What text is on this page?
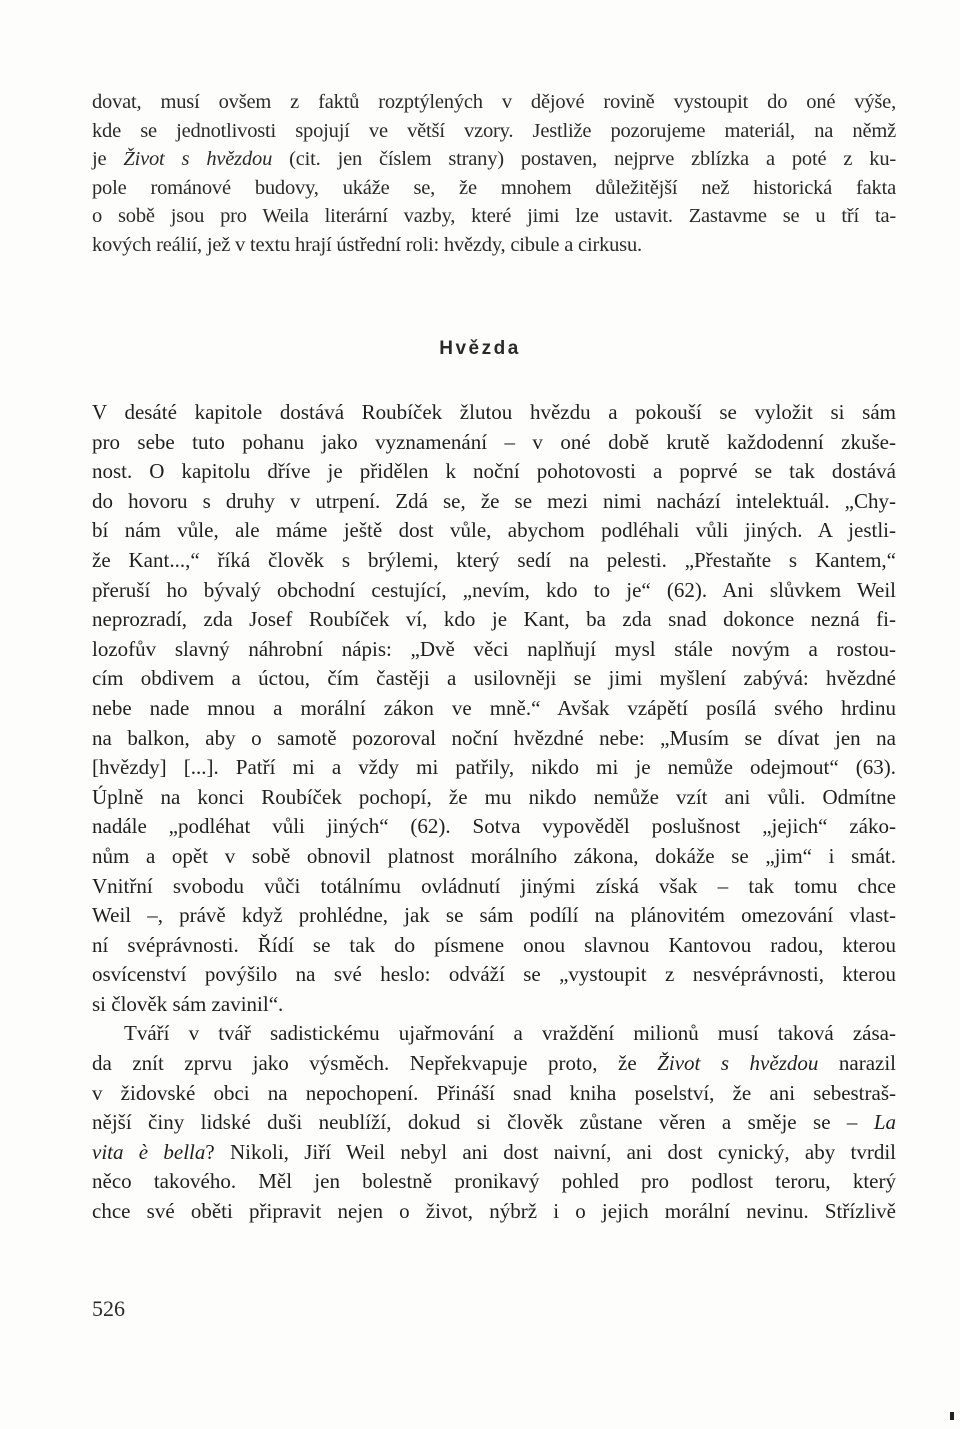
dovat, musí ovšem z faktů rozptýlených v dějové rovině vystoupit do oné výše,
kde se jednotlivosti spojují ve větší vzory. Jestliže pozorujeme materiál, na němž
je Život s hvězdou (cit. jen číslem strany) postaven, nejprve zblízka a poté z ku-
pole románové budovy, ukáže se, že mnohem důležitější než historická fakta
o sobě jsou pro Weila literární vazby, které jimi lze ustavit. Zastavme se u tří ta-
kových reálií, jež v textu hrají ústřední roli: hvězdy, cibule a cirkusu.
Hvězda
V desáté kapitole dostává Roubíček žlutou hvězdu a pokouší se vyložit si sám
pro sebe tuto pohanu jako vyznamenání – v oné době krutě každodenní zkuše-
nost. O kapitolu dříve je přidělen k noční pohotovosti a poprvé se tak dostává
do hovoru s druhy v utrpení. Zdá se, že se mezi nimi nachází intelektuál. „Chy-
bí nám vůle, ale máme ještě dost vůle, abychom podléhali vůli jiných. A jestli-
že Kant...,“ říká člověk s brýlemi, který sedí na pelesti. „Přestaňte s Kantem,“
přeruší ho bývalý obchodní cestující, „nevím, kdo to je“ (62). Ani slůvkem Weil
neprozradí, zda Josef Roubíček ví, kdo je Kant, ba zda snad dokonce nezná fi-
lozofův slavný náhrobní nápis: „Dvě věci naplňují mysl stále novým a rostou-
cím obdivem a úctou, čím častěji a usilovněji se jimi myšlení zabývá: hvězdné
nebe nade mnou a morální zákon ve mně.“ Avšak vzápětí posílá svého hrdinu
na balkon, aby o samotě pozoroval noční hvězdné nebe: „Musím se dívat jen na
[hvězdy] [...]. Patří mi a vždy mi patřily, nikdo mi je nemůže odejmout“ (63).
Úplně na konci Roubíček pochopí, že mu nikdo nemůže vzít ani vůli. Odmítne
nadále „podléhat vůli jiných“ (62). Sotva vypověděl poslušnost „jejich“ záko-
nům a opět v sobě obnovil platnost morálního zákona, dokáže se „jim“ i smát.
Vnitřní svobodu vůči totálnímu ovládnutí jinými získá však – tak tomu chce
Weil –, právě když prohlédne, jak se sám podílí na plánovitém omezování vlast-
ní svéprávnosti. Řídí se tak do písmene onou slavnou Kantovou radou, kterou
osvícenství povýšilo na své heslo: odváží se „vystoupit z nesvéprávnosti, kterou
si člověk sám zavinil“.
Tváří v tvář sadistickému ujařmování a vraždění milionů musí taková zása-
da znít zprvu jako výsměch. Nepřekvapuje proto, že Život s hvězdou narazil
v židovské obci na nepochopení. Přináší snad kniha poselství, že ani sebestraš-
nější činy lidské duši neublíží, dokud si člověk zůstane věren a směje se – La
vita è bella? Nikoli, Jiří Weil nebyl ani dost naivní, ani dost cynický, aby tvrdil
něco takového. Měl jen bolestně pronikavý pohled pro podlost teroru, který
chce své oběti připravit nejen o život, nýbrž i o jejich morální nevinu. Střízlivě
526
